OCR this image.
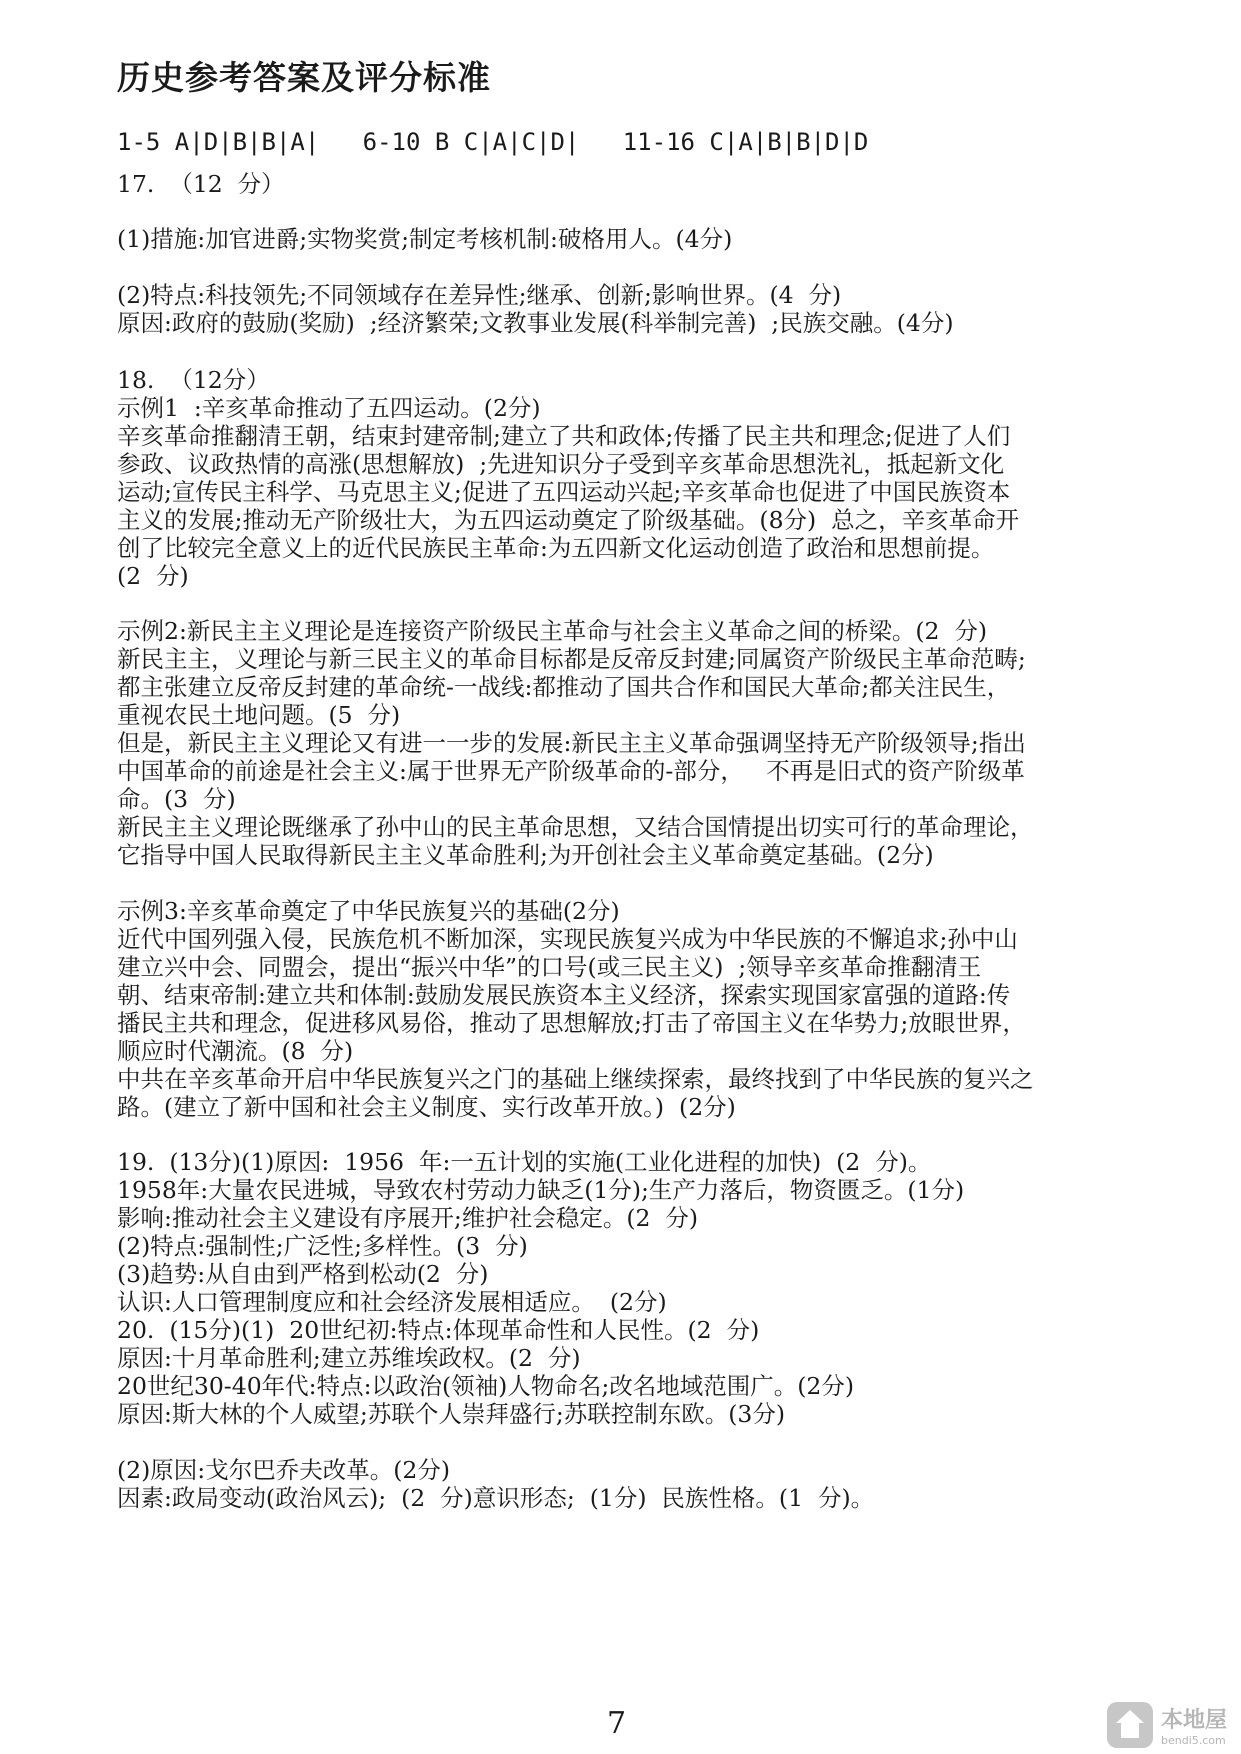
历史参考答案及评分标准
1-5 A|D|B|B|A|   6-10 B C|A|C|D|   11-16 C|A|B|B|D|D
17.  （12  分）
(1)措施:加官进爵;实物奖赏;制定考核机制:破格用人。(4分)
(2)特点:科技领先;不同领域存在差异性;继承、创新;影响世界。(4  分)
原因:政府的鼓励(奖励)  ;经济繁荣;文教事业发展(科举制完善)  ;民族交融。(4分)
18.  （12分）
示例1  :辛亥革命推动了五四运动。(2分)
辛亥革命推翻清王朝，结束封建帝制;建立了共和政体;传播了民主共和理念;促进了人们
参政、议政热情的高涨(思想解放)  ;先进知识分子受到辛亥革命思想洗礼，抵起新文化
运动;宣传民主科学、马克思主义;促进了五四运动兴起;辛亥革命也促进了中国民族资本
主义的发展;推动无产阶级壮大，为五四运动奠定了阶级基础。(8分)  总之，辛亥革命开
创了比较完全意义上的近代民族民主革命:为五四新文化运动创造了政治和思想前提。
(2  分)
示例2:新民主主义理论是连接资产阶级民主革命与社会主义革命之间的桥梁。(2  分)
新民主主，义理论与新三民主义的革命目标都是反帝反封建;同属资产阶级民主革命范畴;
都主张建立反帝反封建的革命统-一战线:都推动了国共合作和国民大革命;都关注民生，
重视农民土地问题。(5  分)
但是，新民主主义理论又有进一一步的发展:新民主主义革命强调坚持无产阶级领导;指出
中国革命的前途是社会主义:属于世界无产阶级革命的-部分，   不再是旧式的资产阶级革
命。(3  分)
新民主主义理论既继承了孙中山的民主革命思想，又结合国情提出切实可行的革命理论，
它指导中国人民取得新民主主义革命胜利;为开创社会主义革命奠定基础。(2分)
示例3:辛亥革命奠定了中华民族复兴的基础(2分)
近代中国列强入侵，民族危机不断加深，实现民族复兴成为中华民族的不懈追求;孙中山
建立兴中会、同盟会，提出“振兴中华”的口号(或三民主义)  ;领导辛亥革命推翻清王
朝、结束帝制:建立共和体制:鼓励发展民族资本主义经济，探索实现国家富强的道路:传
播民主共和理念，促进移风易俗，推动了思想解放;打击了帝国主义在华势力;放眼世界，
顺应时代潮流。(8  分)
中共在辛亥革命开启中华民族复兴之门的基础上继续探索，最终找到了中华民族的复兴之
路。(建立了新中国和社会主义制度、实行改革开放。)  (2分)
19.  (13分)(1)原因:  1956  年:一五计划的实施(工业化进程的加快)  (2  分)。
1958年:大量农民进城，导致农村劳动力缺乏(1分);生产力落后，物资匮乏。(1分)
影响:推动社会主义建设有序展开;维护社会稳定。(2  分)
(2)特点:强制性;广泛性;多样性。(3  分)
(3)趋势:从自由到严格到松动(2  分)
认识:人口管理制度应和社会经济发展相适应。  (2分)
20.  (15分)(1)  20世纪初:特点:体现革命性和人民性。(2  分)
原因:十月革命胜利;建立苏维埃政权。(2  分)
20世纪30-40年代:特点:以政治(领袖)人物命名;改名地域范围广。(2分)
原因:斯大林的个人威望;苏联个人崇拜盛行;苏联控制东欧。(3分)
(2)原因:戈尔巴乔夫改革。(2分)
因素:政局变动(政治风云);  (2  分)意识形态;  (1分)  民族性格。(1  分)。
7	本地屋
bendi5.com
